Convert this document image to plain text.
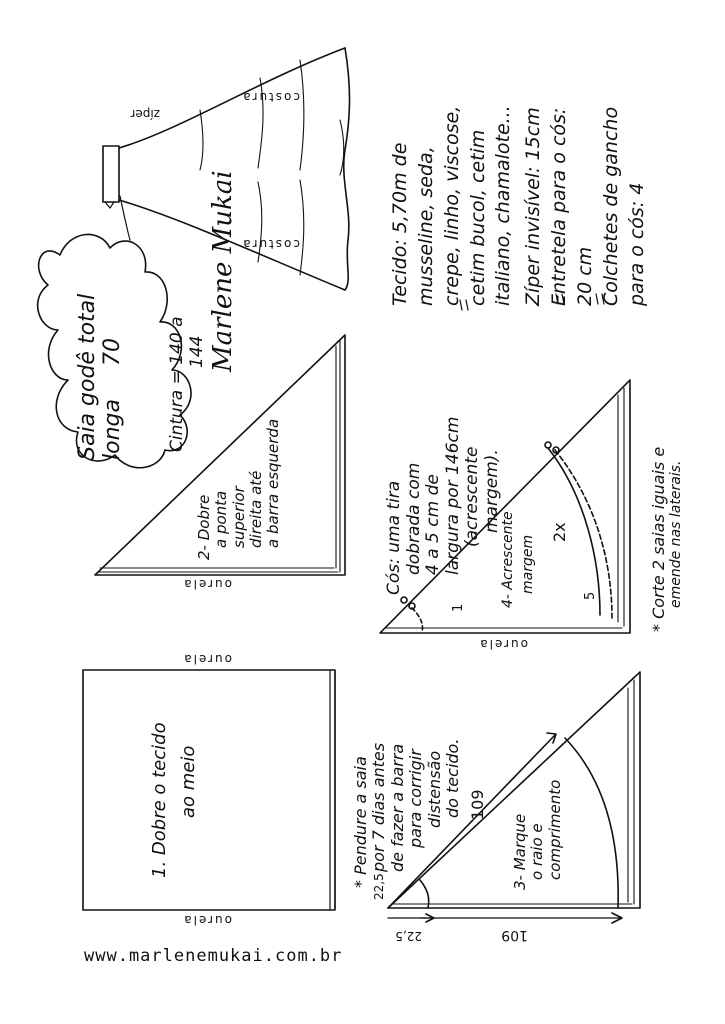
Saia godê total longa 70	Marlene Mukai
Cintura = 140 a 144
zíper
costura
costura	Tecido: 5,70m de musseline, seda, crepe, linho, viscose, cetim bucol, cetim italiano, chamalote... Zíper invisível: 15cm Entretela para o cós: 20 cm Colchetes de gancho para o cós: 4
Cós: uma tira dobrada com 4 a 5 cm de largura por 146cm (acrescente margem).
1. Dobre o tecido ao meio
2- Dobre a ponta superior direita até a barra esquerda
3- Marque o raio e comprimento
4- Acrescente margem
2x
5
1
ourela
ourela
ourela
ourela
22,5
22,5
109
109
* Pendure a saia por 7 dias antes de fazer a barra para corrigir distensão do tecido.
* Corte 2 saias iguais e emende nas laterais.
www.marlenemukai.com.br
